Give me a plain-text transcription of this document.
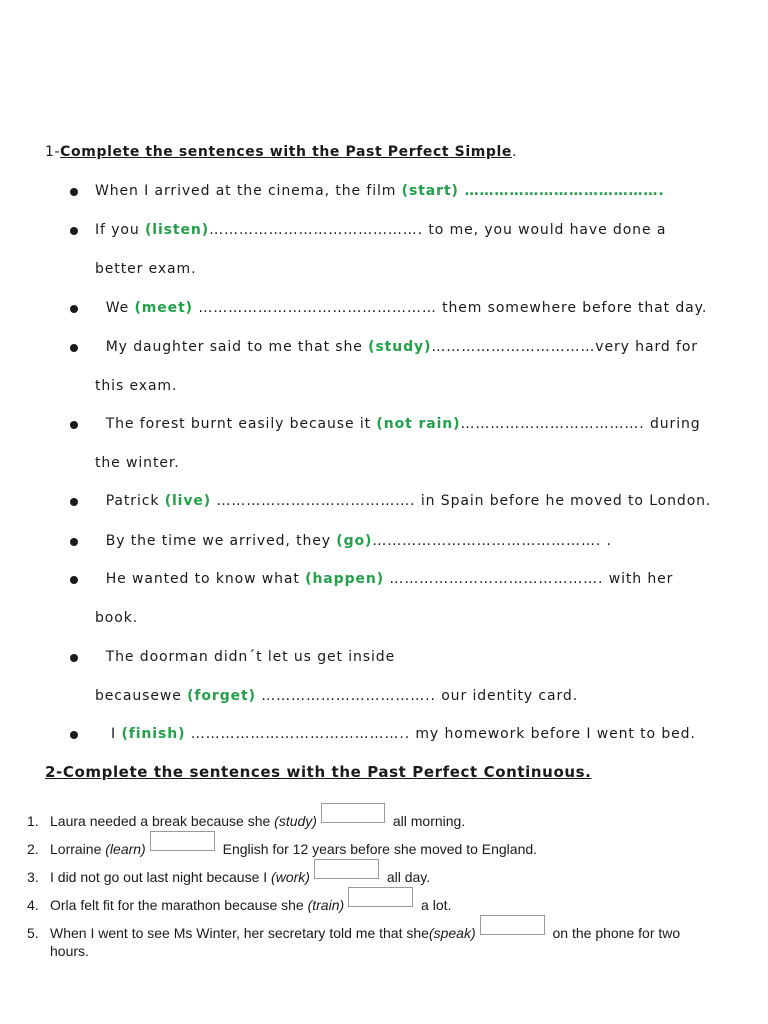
1-Complete the sentences with the Past Perfect Simple.
When I arrived at the cinema, the film (start) ………………………………….
If you (listen)……………………………………. to me, you would have done a
better exam.
We (meet) ………………………………………… them somewhere before that day.
My daughter said to me that she (study)……………………………very hard for
this exam.
The forest burnt easily because it (not rain)………………………………. during
the winter.
Patrick (live) …………………………………. in Spain before he moved to London.
By the time we arrived, they (go)………………………………………. .
He wanted to know what (happen) ……………………………………. with her
book.
The doorman didn´t let us get inside
becausewe (forget) …………………………….. our identity card.
I (finish) …………………………………….. my homework before I went to bed.
2-Complete the sentences with the Past Perfect Continuous.
1. Laura needed a break because she (study)	all morning.
2. Lorraine (learn)	English for 12 years before she moved to England.
3. I did not go out last night because I (work)	all day.
4. Orla felt fit for the marathon because she (train)	a lot.
5. When I went to see Ms Winter, her secretary told me that she(speak)	on the phone for two
hours.
